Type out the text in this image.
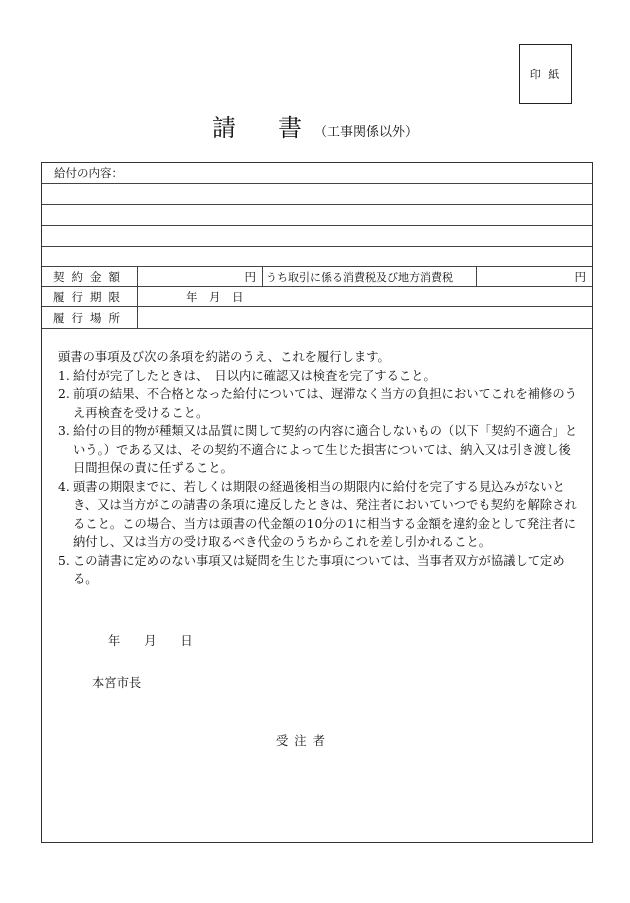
印 紙
請書（工事関係以外）
給付の内容：
契約金額	円 うち取引に係る消費税及び地方消費税	円
履行期限	年　月　日
履行場所

頭書の事項及び次の条項を約諾のうえ、これを履行します。

1. 給付が完了したときは、　日以内に確認又は検査を完了すること。
2. 前項の結果、不合格となった給付については、遅滞なく当方の負担においてこれを補修のうえ再検査を受けること。
3. 給付の目的物が種類又は品質に関して契約の内容に適合しないもの（以下「契約不適合」という。）である又は、その契約不適合によって生じた損害については、納入又は引き渡し後　　日間担保の責に任ずること。
4. 頭書の期限までに、若しくは期限の経過後相当の期限内に給付を完了する見込みがないとき、又は当方がこの請書の条項に違反したときは、発注者においていつでも契約を解除されること。この場合、当方は頭書の代金額の10分の1に相当する金額を違約金として発注者に納付し、又は当方の受け取るべき代金のうちからこれを差し引かれること。
5. この請書に定めのない事項又は疑問を生じた事項については、当事者双方が協議して定める。
年 月 日
本宮市長
受注者
